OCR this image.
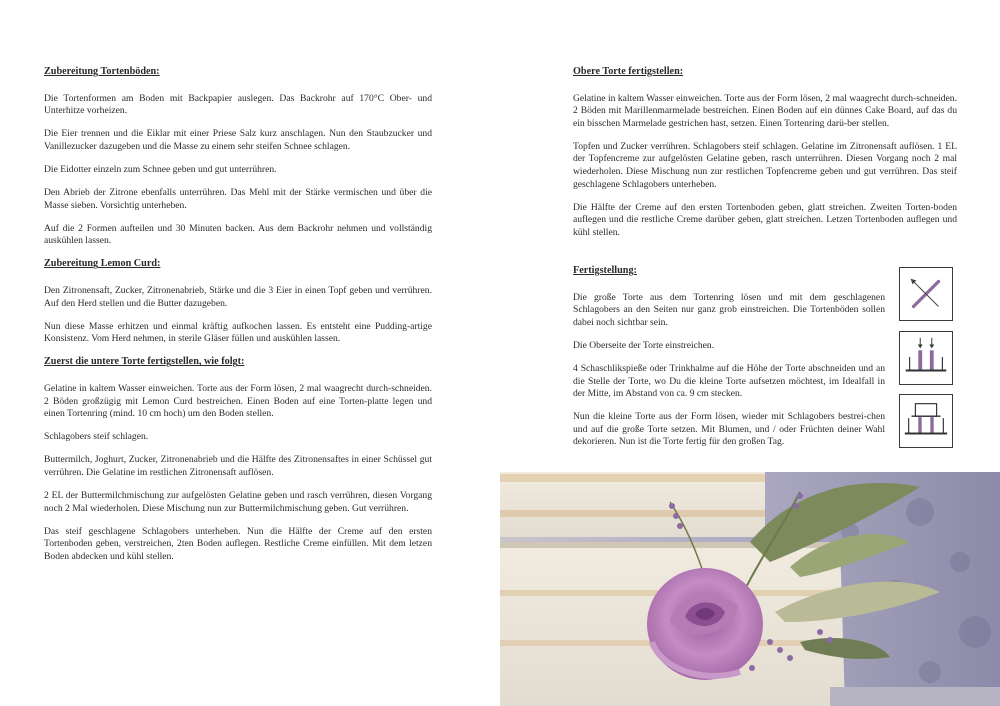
Zubereitung Tortenböden:

Die Tortenformen am Boden mit Backpapier auslegen. Das Backrohr auf 170°C Ober- und Unterhitze vorheizen.

Die Eier trennen und die Eiklar mit einer Priese Salz kurz anschlagen. Nun den Staubzucker und Vanillezucker dazugeben und die Masse zu einem sehr steifen Schnee schlagen.

Die Eidotter einzeln zum Schnee geben und gut unterrühren.

Den Abrieb der Zitrone ebenfalls unterrühren. Das Mehl mit der Stärke vermischen und über die Masse sieben. Vorsichtig unterheben.

Auf die 2 Formen aufteilen und 30 Minuten backen. Aus dem Backrohr nehmen und vollständig auskühlen lassen.

Zubereitung Lemon Curd:

Den Zitronensaft, Zucker, Zitronenabrieb, Stärke und die 3 Eier in einen Topf geben und verrühren. Auf den Herd stellen und die Butter dazugeben.

Nun diese Masse erhitzen und einmal kräftig aufkochen lassen. Es entsteht eine Pudding-artige Konsistenz. Vom Herd nehmen, in sterile Gläser füllen und auskühlen lassen.

Zuerst die untere Torte fertigstellen, wie folgt:

Gelatine in kaltem Wasser einweichen. Torte aus der Form lösen, 2 mal waagrecht durch-schneiden. 2 Böden großzügig mit Lemon Curd bestreichen. Einen Boden auf eine Torten-platte legen und einen Tortenring (mind. 10 cm hoch) um den Boden stellen.

Schlagobers steif schlagen.

Buttermilch, Joghurt, Zucker, Zitronenabrieb und die Hälfte des Zitronensaftes in einer Schüssel gut verrühren. Die Gelatine im restlichen Zitronensaft auflösen.

2 EL der Buttermilchmischung zur aufgelösten Gelatine geben und rasch verrühren, diesen Vorgang noch 2 Mal wiederholen. Diese Mischung nun zur Buttermilchmischung geben. Gut verrühren.

Das steif geschlagene Schlagobers unterheben. Nun die Hälfte der Creme auf den ersten Tortenboden geben, verstreichen, 2ten Boden auflegen. Restliche Creme einfüllen. Mit dem letzen Boden abdecken und kühl stellen.

Obere Torte fertigstellen:

Gelatine in kaltem Wasser einweichen. Torte aus der Form lösen, 2 mal waagrecht durch-schneiden. 2 Böden mit Marillenmarmelade bestreichen. Einen Boden auf ein dünnes Cake Board, auf das du ein bisschen Marmelade gestrichen hast, setzen. Einen Tortenring darü-ber stellen.

Topfen und Zucker verrühren. Schlagobers steif schlagen. Gelatine im Zitronensaft auflösen. 1 EL der Topfencreme zur aufgelösten Gelatine geben, rasch unterrühren. Diesen Vorgang noch 2 mal wiederholen. Diese Mischung nun zur restlichen Topfencreme geben und gut verrühren. Das steif geschlagene Schlagobers unterheben.

Die Hälfte der Creme auf den ersten Tortenboden geben, glatt streichen. Zweiten Torten-boden auflegen und die restliche Creme darüber geben, glatt streichen. Letzen Tortenboden auflegen und kühl stellen.

Fertigstellung:

Die große Torte aus dem Tortenring lösen und mit dem geschlagenen Schlagobers an den Seiten nur ganz grob einstreichen. Die Tortenböden sollen dabei noch sichtbar sein.

Die Oberseite der Torte einstreichen.

4 Schaschlikspieße oder Trinkhalme auf die Höhe der Torte abschneiden und an die Stelle der Torte, wo Du die kleine Torte aufsetzen möchtest, im Idealfall in der Mitte, im Abstand von ca. 9 cm stecken.

Nun die kleine Torte aus der Form lösen, wieder mit Schlagobers bestrei-chen und auf die große Torte setzen. Mit Blumen, und / oder Früchten deiner Wahl dekorieren. Nun ist die Torte fertig für den großen Tag.
